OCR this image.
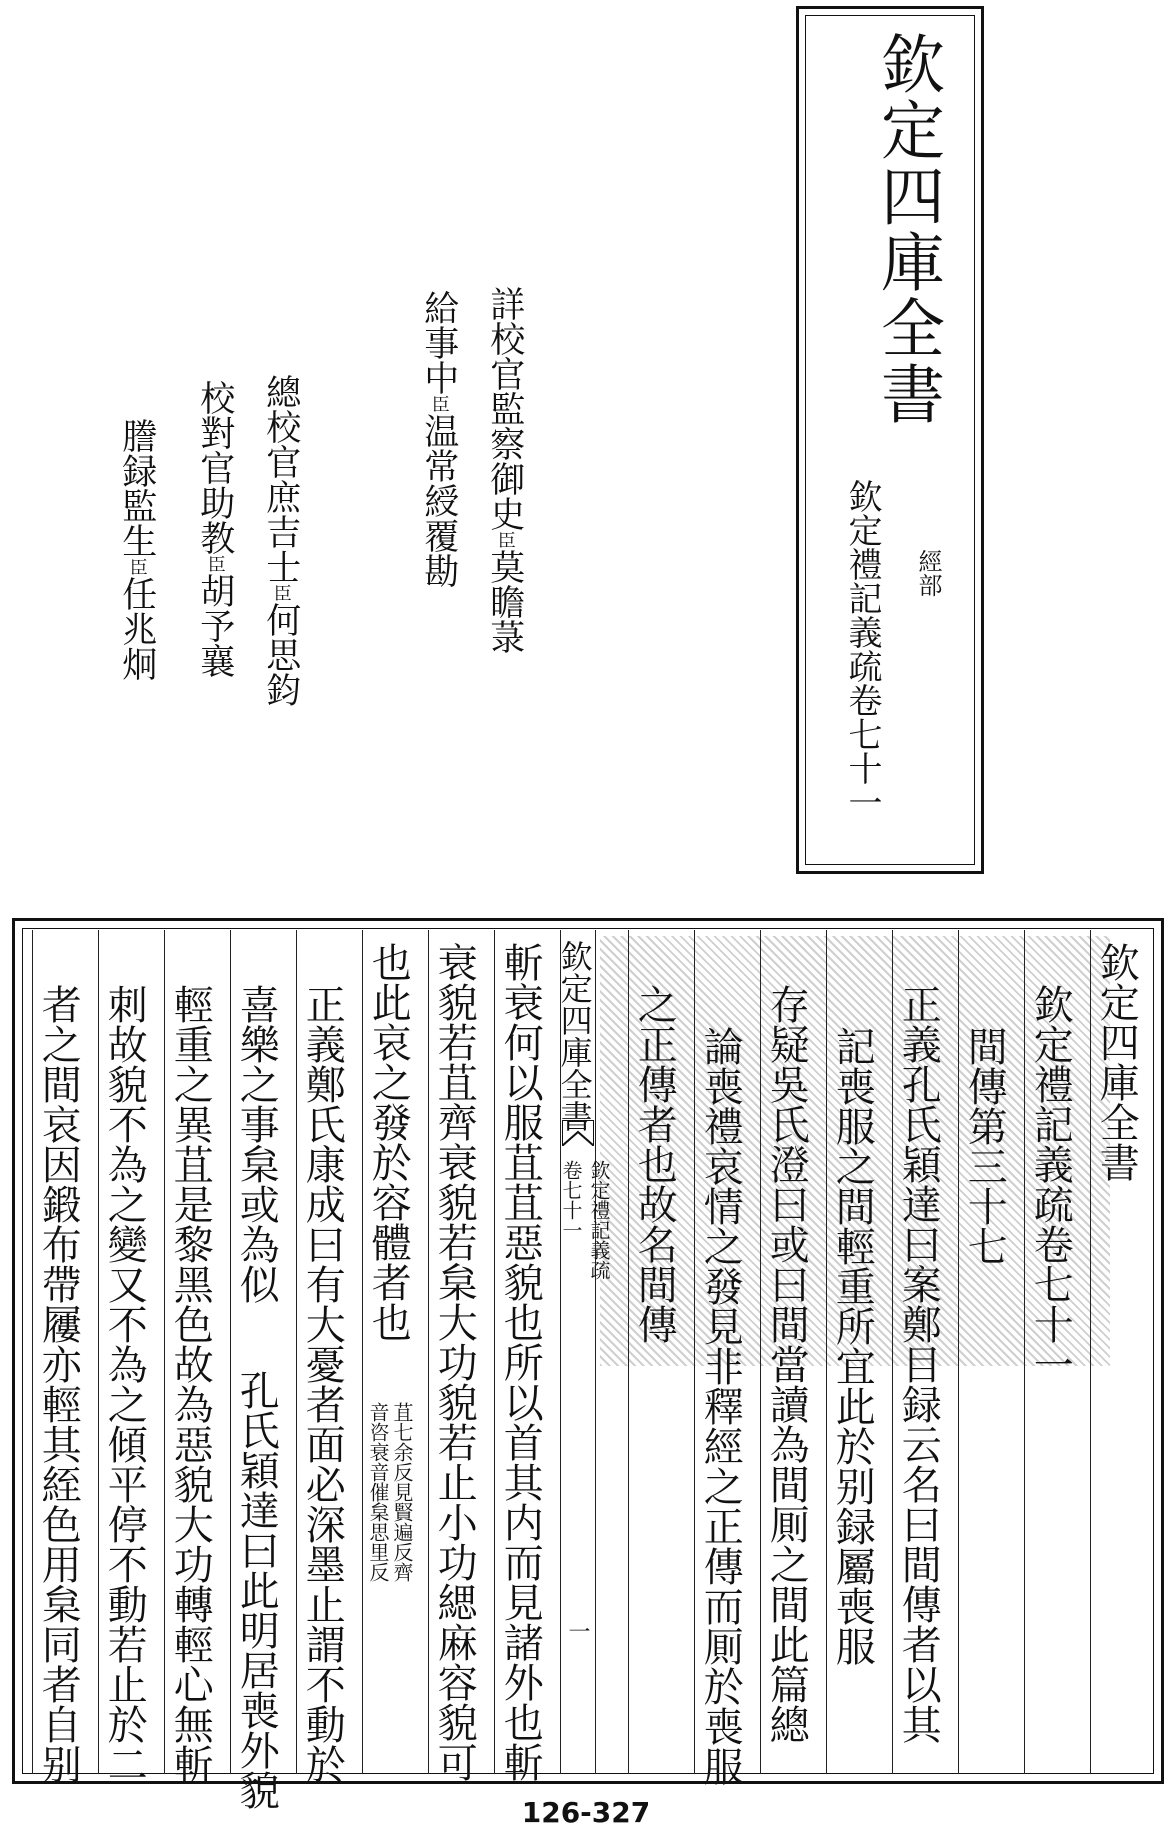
欽定四庫全書
欽定禮記義疏卷七十一 經部
詳校官監察御史臣莫瞻菉
給事中臣温常綬覆勘
總校官庶吉士臣何思鈞
校對官助教臣胡予襄
謄録監生臣任兆炯
欽定四庫全書
欽定禮記義疏卷七十一
間傳第三十七
正義孔氏穎達曰案鄭目録云名曰間傳者以其
記喪服之間輕重所宜此於别録屬喪服
存疑吳氏澄曰或曰間當讀為間厠之間此篇總
論喪禮哀情之發見非釋經之正傳而厠於喪服
之正傳者也故名間傳
欽定四庫全書
欽定禮記義疏
卷七十一
一
斬衰何以服苴苴惡貌也所以首其内而見諸外也斬
衰貌若苴齊衰貌若枲大功貌若止小功緦麻容貌可
也此哀之發於容體者也
苴七余反見賢遍反齊
音咨衰音催枲思里反
正義鄭氏康成曰有大憂者面必深墨止謂不動於
喜樂之事枲或為似
孔氏穎達曰此明居喪外貌
輕重之異苴是黎黑色故為惡貌大功轉輕心無斬
刺故貌不為之變又不為之傾平停不動若止於二
者之間哀因鍛布帶屨亦輕其絰色用枲同者自别
126-327
